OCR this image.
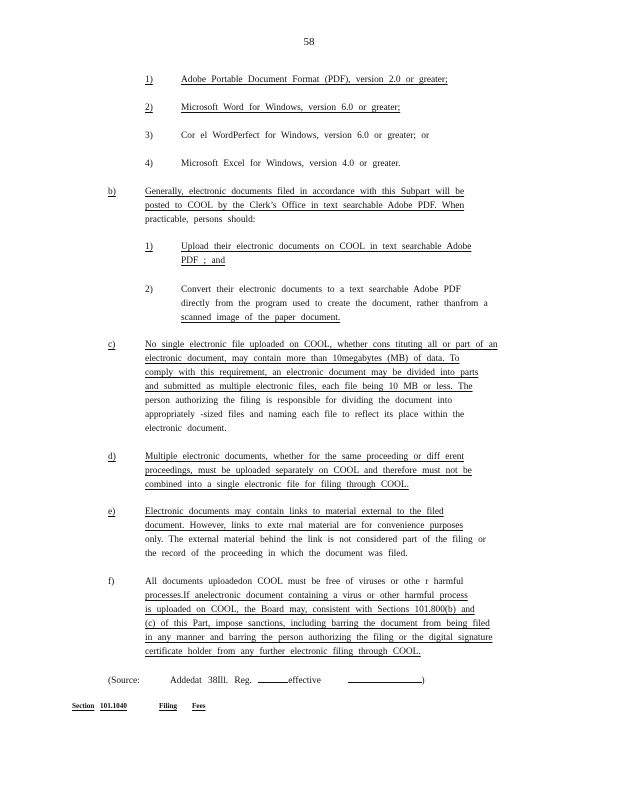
58
1)	Adobe Portable Document Format (PDF), version 2.0 or greater;
2)	Microsoft Word for Windows, version 6.0 or greater;
3)	Cor el WordPerfect for Windows, version 6.0 or greater; or
4)	Microsoft Excel for Windows, version 4.0 or greater.
b)	Generally, electronic documents filed in accordance with this Subpart will be
posted to COOL by the Clerk’s Office in text searchable Adobe PDF. When
practicable, persons should:
1)	Upload their electronic documents on COOL in text searchable Adobe
PDF ; and
2)	Convert their electronic documents to a text searchable Adobe PDF
directly from the program used to create the document, rather thanfrom a
scanned image of the paper document.
c)	No single electronic file uploaded on COOL, whether cons tituting all or part of an
electronic document, may contain more than 10megabytes (MB) of data. To
comply with this requirement, an electronic document may be divided into parts
and submitted as multiple electronic files, each file being 10 MB or less. The
person authorizing the filing is responsible for dividing the document into
appropriately -sized files and naming each file to reflect its place within the
electronic document.
d)	Multiple electronic documents, whether for the same proceeding or diff erent
proceedings, must be uploaded separately on COOL and therefore must not be
combined into a single electronic file for filing through COOL.
e)	Electronic documents may contain links to material external to the filed
document. However, links to exte rnal material are for convenience purposes
only. The external material behind the link is not considered part of the filing or
the record of the proceeding in which the document was filed.
f)	All documents uploadedon COOL must be free of viruses or othe r harmful
processes.If anelectronic document containing a virus or other harmful process
is uploaded on COOL, the Board may, consistent with Sections 101.800(b) and
(c) of this Part, impose sanctions, including barring the document from being filed
in any manner and barring the person authorizing the filing or the digital signature
certificate holder from any further electronic filing through COOL.
(Source:	Addedat 38Ill. Reg.	effective	)
Section 101.1040	Filing Fees
